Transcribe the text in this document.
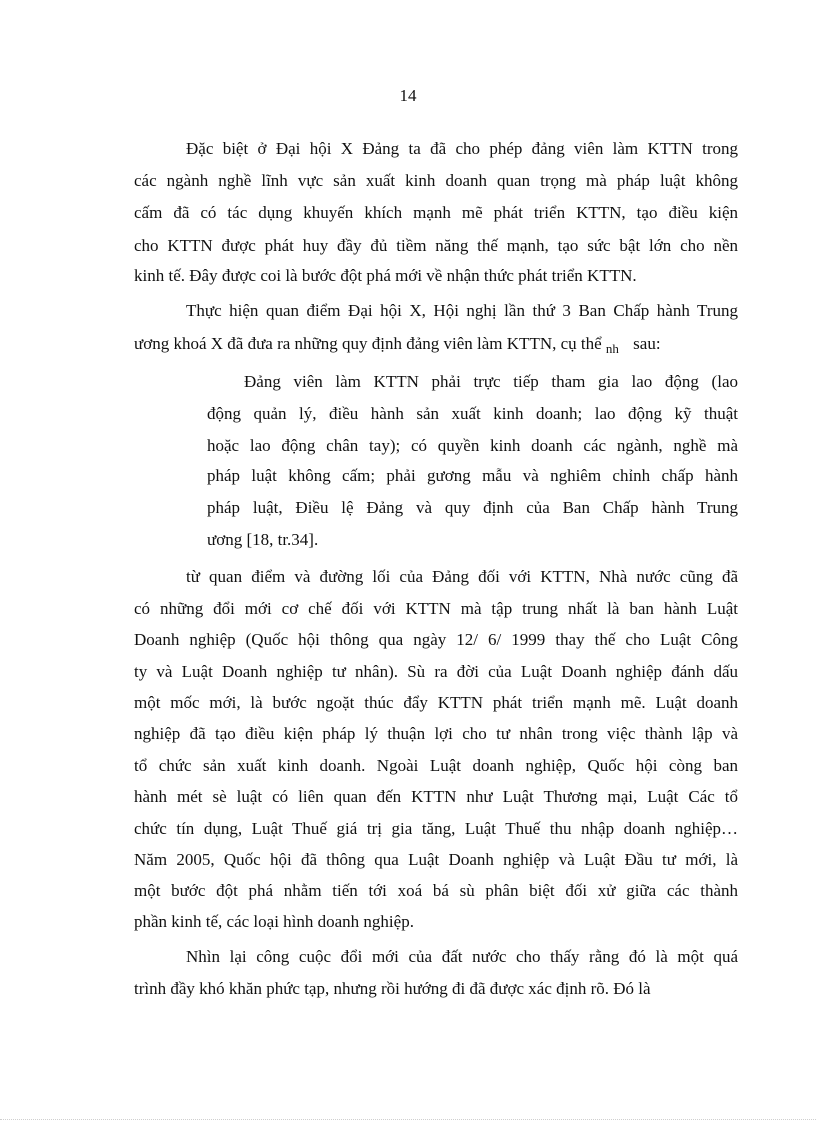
14
Đặc biệt ở Đại hội X Đảng ta đã cho phép đảng viên làm KTTN trong
các ngành nghề lĩnh vực sản xuất kinh doanh quan trọng mà pháp luật không
cấm đã có tác dụng khuyến khích mạnh mẽ phát triển KTTN, tạo điều kiện
cho KTTN được phát huy đầy đủ tiềm năng thế mạnh, tạo sức bật lớn cho nền
kinh tế. Đây được coi là bước đột phá mới về nhận thức phát triển KTTN.
Thực hiện quan điểm Đại hội X, Hội nghị lần thứ 3 Ban Chấp hành Trung
ương khoá X đã đưa ra những quy định đảng viên làm KTTN, cụ thể $_{nh}$ sau:
Đảng viên làm KTTN phải trực tiếp tham gia lao động (lao
động quản lý, điều hành sản xuất kinh doanh; lao động kỹ thuật
hoặc lao động chân tay); có quyền kinh doanh các ngành, nghề mà
pháp luật không cấm; phải gương mẫu và nghiêm chỉnh chấp hành
pháp luật, Điều lệ Đảng và quy định của Ban Chấp hành Trung
ương [18, tr.34].
từ quan điểm và đường lối của Đảng đối với KTTN, Nhà nước cũng đã
có những đổi mới cơ chế đối với KTTN mà tập trung nhất là ban hành Luật
Doanh nghiệp (Quốc hội thông qua ngày 12/ 6/ 1999 thay thế cho Luật Công
ty và Luật Doanh nghiệp tư nhân). Sù ra đời của Luật Doanh nghiệp đánh dấu
một mốc mới, là bước ngoặt thúc đẩy KTTN phát triển mạnh mẽ. Luật doanh
nghiệp đã tạo điều kiện pháp lý thuận lợi cho tư nhân trong việc thành lập và
tổ chức sản xuất kinh doanh. Ngoài Luật doanh nghiệp, Quốc hội còng ban
hành mét sè luật có liên quan đến KTTN như Luật Thương mại, Luật Các tổ
chức tín dụng, Luật Thuế giá trị gia tăng, Luật Thuế thu nhập doanh nghiệp…
Năm 2005, Quốc hội đã thông qua Luật Doanh nghiệp và Luật Đầu tư mới, là
một bước đột phá nhằm tiến tới xoá bá sù phân biệt đối xử giữa các thành
phần kinh tế, các loại hình doanh nghiệp.
Nhìn lại công cuộc đổi mới của đất nước cho thấy rằng đó là một quá
trình đầy khó khăn phức tạp, nhưng rồi hướng đi đã được xác định rõ. Đó là
